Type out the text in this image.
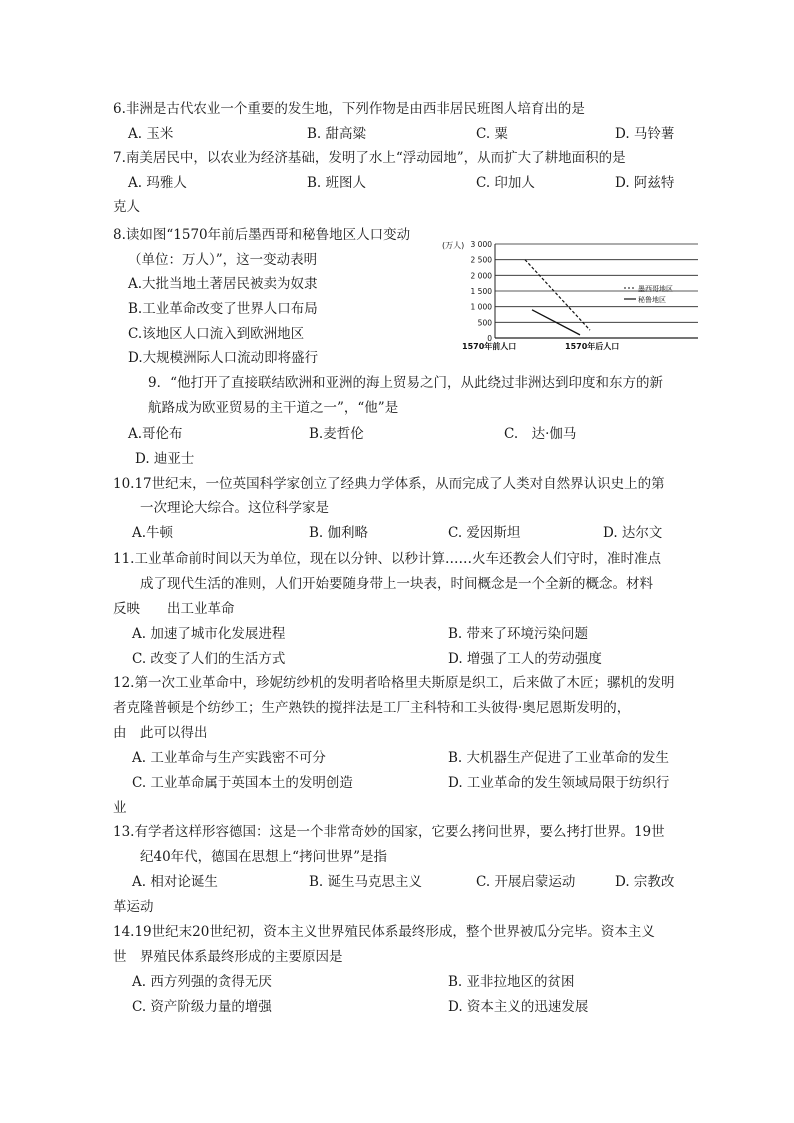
6.非洲是古代农业一个重要的发生地，下列作物是由西非居民班图人培育出的是
A. 玉米	B. 甜高粱	C. 粟	D. 马铃薯
7.南美居民中，以农业为经济基础，发明了水上“浮动园地”，从而扩大了耕地面积的是
A. 玛雅人	B. 班图人	C. 印加人	D. 阿兹特
克人
8.读如图“1570年前后墨西哥和秘鲁地区人口变动
（单位：万人）”，这一变动表明
A.大批当地土著居民被卖为奴隶
B.工业革命改变了世界人口布局
C.该地区人口流入到欧洲地区
D.大规模洲际人口流动即将盛行
3 000
2 500
2 000
1 500
1 000
500
0
(万人)
1570年前人口	1570年后人口
墨西哥地区
秘鲁地区
9．“他打开了直接联结欧洲和亚洲的海上贸易之门，从此绕过非洲达到印度和东方的新
航路成为欧亚贸易的主干道之一”，“他”是
A.哥伦布	B.麦哲伦	C.　达·伽马
D. 迪亚士
10.17世纪末，一位英国科学家创立了经典力学体系，从而完成了人类对自然界认识史上的第
一次理论大综合。这位科学家是
A.牛顿	B. 伽利略	C. 爱因斯坦	D. 达尔文
11.工业革命前时间以天为单位，现在以分钟、以秒计算……火车还教会人们守时，准时准点
成了现代生活的准则，人们开始要随身带上一块表，时间概念是一个全新的概念。材料
反映　　出工业革命
A. 加速了城市化发展进程	B. 带来了环境污染问题
C. 改变了人们的生活方式	D. 增强了工人的劳动强度
12.第一次工业革命中，珍妮纺纱机的发明者哈格里夫斯原是织工，后来做了木匠；骡机的发明
者克隆普顿是个纺纱工；生产熟铁的搅拌法是工厂主科特和工头彼得·奥尼恩斯发明的，
由　此可以得出
A. 工业革命与生产实践密不可分	B. 大机器生产促进了工业革命的发生
C. 工业革命属于英国本土的发明创造	D. 工业革命的发生领域局限于纺织行
业
13.有学者这样形容德国：这是一个非常奇妙的国家，它要么拷问世界，要么拷打世界。19世
纪40年代，德国在思想上“拷问世界”是指
A. 相对论诞生	B. 诞生马克思主义	C. 开展启蒙运动	D. 宗教改
革运动
14.19世纪末20世纪初，资本主义世界殖民体系最终形成，整个世界被瓜分完毕。资本主义
世　界殖民体系最终形成的主要原因是
A. 西方列强的贪得无厌	B. 亚非拉地区的贫困
C. 资产阶级力量的增强	D. 资本主义的迅速发展
